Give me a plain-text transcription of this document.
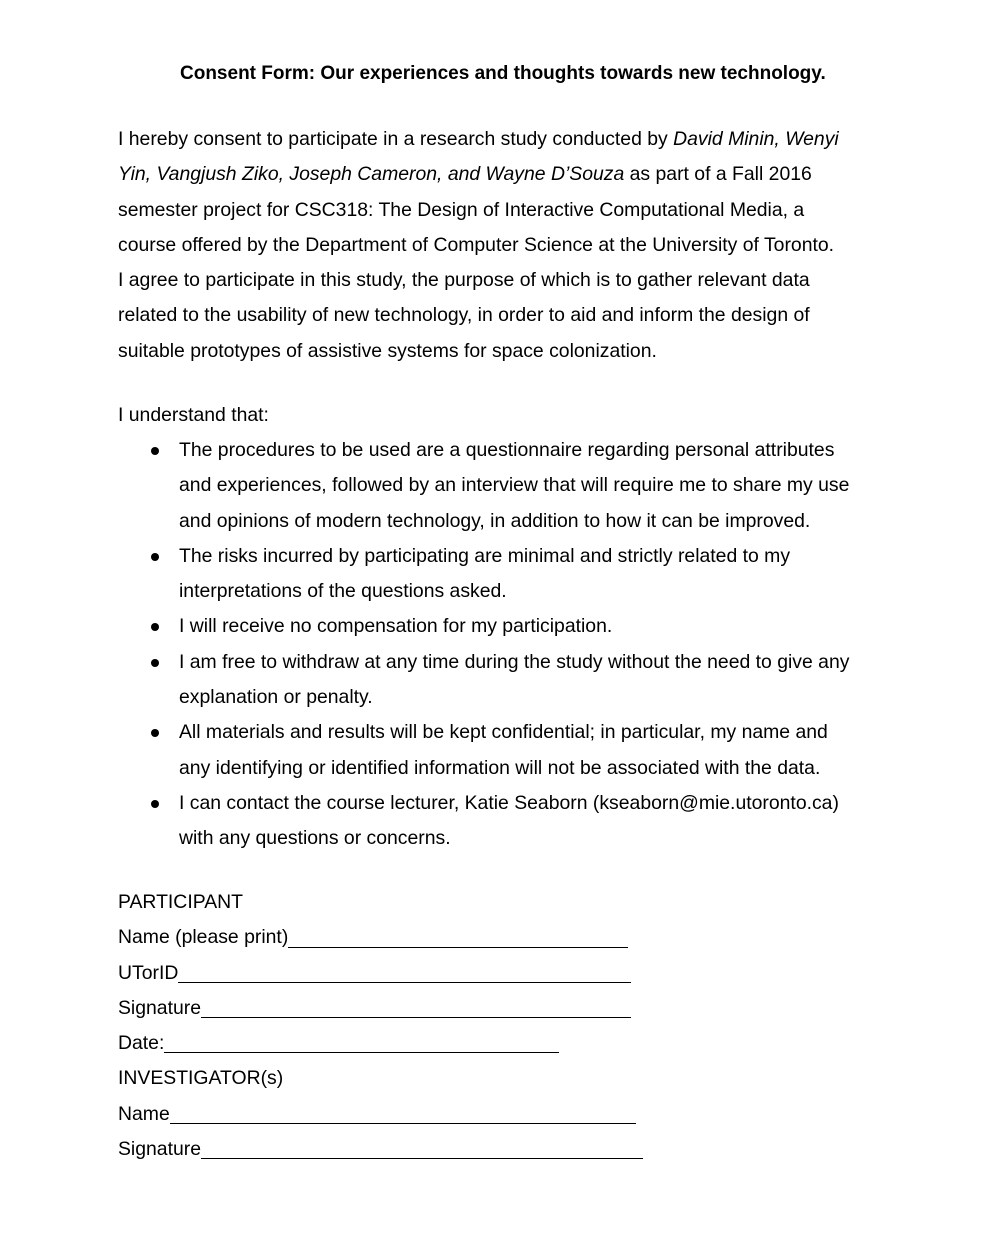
Consent Form: Our experiences and thoughts towards new technology.

I hereby consent to participate in a research study conducted by David Minin, Wenyi
Yin, Vangjush Ziko, Joseph Cameron, and Wayne D’Souza as part of a Fall 2016
semester project for CSC318: The Design of Interactive Computational Media, a
course offered by the Department of Computer Science at the University of Toronto.
I agree to participate in this study, the purpose of which is to gather relevant data
related to the usability of new technology, in order to aid and inform the design of
suitable prototypes of assistive systems for space colonization.

I understand that:
The procedures to be used are a questionnaire regarding personal attributes
and experiences, followed by an interview that will require me to share my use
and opinions of modern technology, in addition to how it can be improved.
The risks incurred by participating are minimal and strictly related to my
interpretations of the questions asked.
I will receive no compensation for my participation.
I am free to withdraw at any time during the study without the need to give any
explanation or penalty.
All materials and results will be kept confidential; in particular, my name and
any identifying or identified information will not be associated with the data.
I can contact the course lecturer, Katie Seaborn (kseaborn@mie.utoronto.ca)
with any questions or concerns.
PARTICIPANT
Name (please print)
UTorID
Signature
Date:
INVESTIGATOR(s)
Name
Signature
